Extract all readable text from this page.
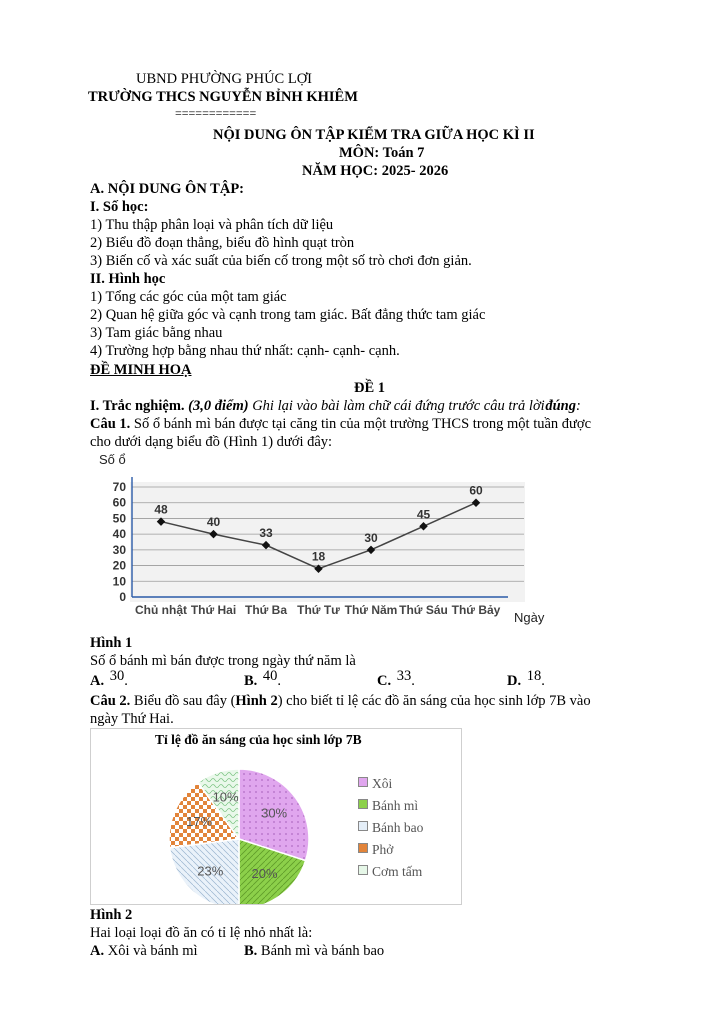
UBND PHƯỜNG PHÚC LỢI
TRƯỜNG THCS NGUYỄN BỈNH KHIÊM
============
NỘI DUNG ÔN TẬP KIỂM TRA GIỮA HỌC KÌ II
MÔN: Toán 7
NĂM HỌC: 2025- 2026
A. NỘI DUNG ÔN TẬP:
I. Số học:
1) Thu thập phân loại và phân tích dữ liệu
2) Biểu đồ đoạn thẳng, biểu đồ hình quạt tròn
3) Biến cố và xác suất của biến cố trong một số trò chơi đơn giản.
II. Hình học
1) Tổng các góc của một tam giác
2) Quan hệ giữa góc và cạnh trong tam giác. Bất đẳng thức tam giác
3) Tam giác bằng nhau
4) Trường hợp bằng nhau thứ nhất: cạnh- cạnh- cạnh.
ĐỀ MINH HOẠ
ĐỀ 1
I. Trắc nghiệm. (3,0 điểm) Ghi lại vào bài làm chữ cái đứng trước câu trả lời đúng:
Câu 1. Số ổ bánh mì bán được tại căng tin của một trường THCS trong một tuần được
cho dưới dạng biểu đồ (Hình 1) dưới đây:
Số ổ
0
10
20
30
40
50
60
70
Chủ nhật Thứ Hai Thứ Ba Thứ Tư Thứ Năm Thứ Sáu Thứ Bảy
48
40
33
18
30
45
60
Ngày
Hình 1
Số ổ bánh mì bán được trong ngày thứ năm là
A. 30.	B. 40.	C. 33.	D. 18.
Câu 2. Biểu đồ sau đây (Hình 2) cho biết tỉ lệ các đồ ăn sáng của học sinh lớp 7B vào
ngày Thứ Hai.
Tỉ lệ đồ ăn sáng của học sinh lớp 7B
30%
20%
23%
17%
10%
Xôi
Bánh mì
Bánh bao
Phở
Cơm tấm
Hình 2
Hai loại loại đồ ăn có tỉ lệ nhỏ nhất là:
A. Xôi và bánh mì	B. Bánh mì và bánh bao
